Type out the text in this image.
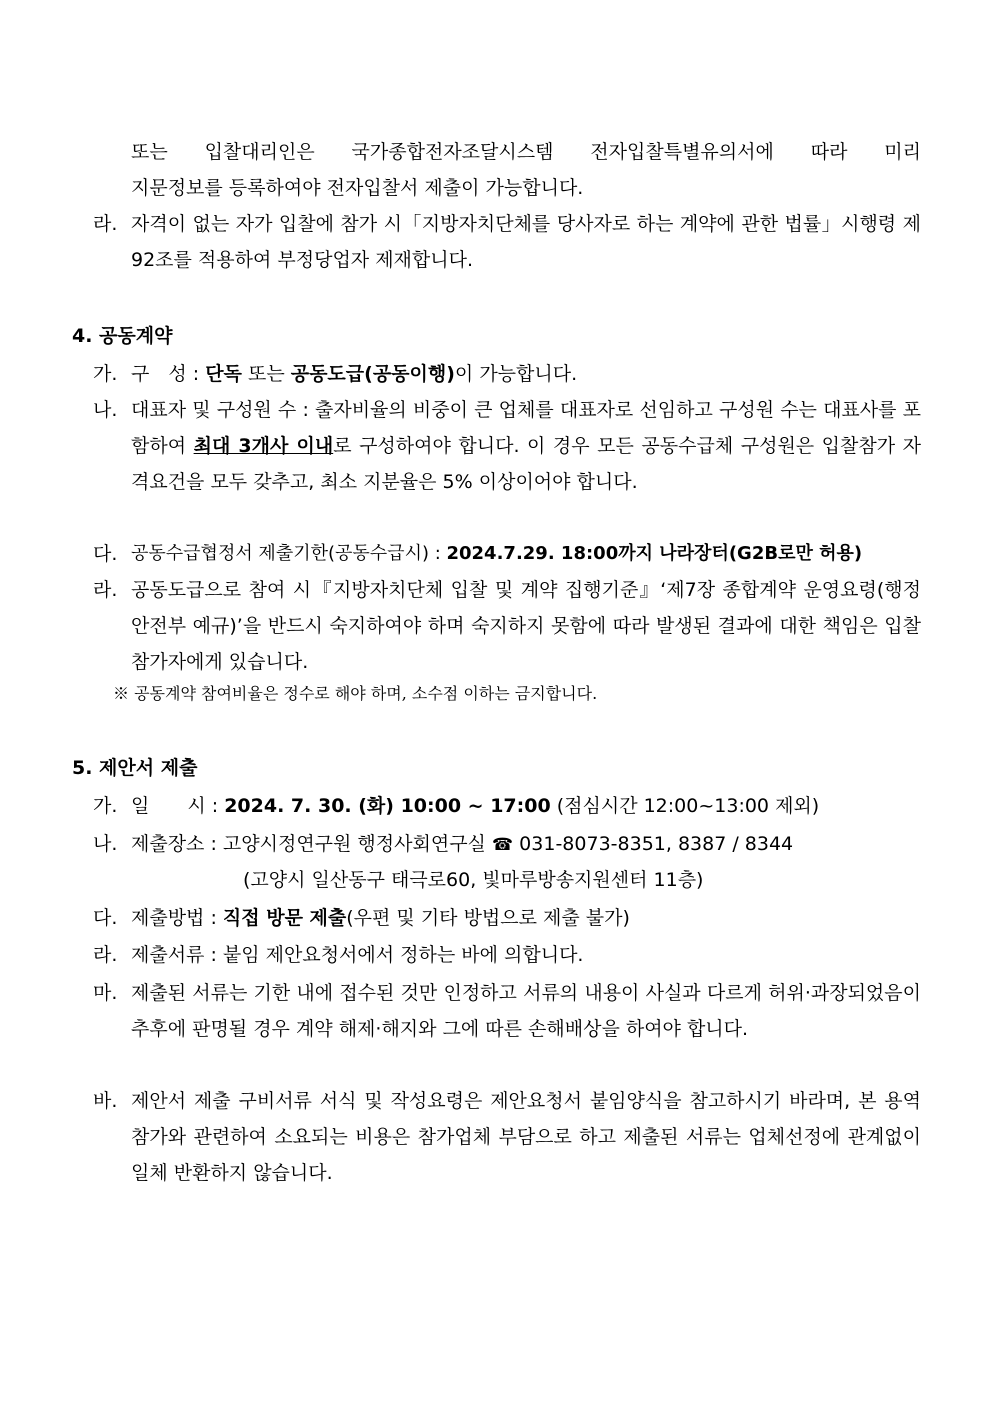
또는 입찰대리인은 국가종합전자조달시스템 전자입찰특별유의서에 따라 미리
지문정보를 등록하여야 전자입찰서 제출이 가능합니다.
라. 자격이 없는 자가 입찰에 참가 시「지방자치단체를 당사자로 하는 계약에 관한 법률」시행령 제92조를 적용하여 부정당업자 제재합니다.
4. 공동계약
가. 구　성 : 단독 또는 공동도급(공동이행)이 가능합니다.
나. 대표자 및 구성원 수 : 출자비율의 비중이 큰 업체를 대표자로 선임하고 구성원 수는 대표사를 포함하여 최대 3개사 이내로 구성하여야 합니다. 이 경우 모든 공동수급체 구성원은 입찰참가 자격요건을 모두 갖추고, 최소 지분율은 5% 이상이어야 합니다.
다. 공동수급협정서 제출기한(공동수급시) : 2024.7.29. 18:00까지 나라장터(G2B로만 허용)
라. 공동도급으로 참여 시『지방자치단체 입찰 및 계약 집행기준』‘제7장 종합계약 운영요령(행정안전부 예규)’을 반드시 숙지하여야 하며 숙지하지 못함에 따라 발생된 결과에 대한 책임은 입찰참가자에게 있습니다.
※ 공동계약 참여비율은 정수로 해야 하며, 소수점 이하는 금지합니다.
5. 제안서 제출
가. 일　　시 : 2024. 7. 30. (화) 10:00 ~ 17:00 (점심시간 12:00~13:00 제외)
나. 제출장소 : 고양시정연구원 행정사회연구실 ☎ 031-8073-8351, 8387 / 8344
(고양시 일산동구 태극로60, 빛마루방송지원센터 11층)
다. 제출방법 : 직접 방문 제출(우편 및 기타 방법으로 제출 불가)
라. 제출서류 : 붙임 제안요청서에서 정하는 바에 의합니다.
마. 제출된 서류는 기한 내에 접수된 것만 인정하고 서류의 내용이 사실과 다르게 허위·과장되었음이 추후에 판명될 경우 계약 해제·해지와 그에 따른 손해배상을 하여야 합니다.
바. 제안서 제출 구비서류 서식 및 작성요령은 제안요청서 붙임양식을 참고하시기 바라며, 본 용역 참가와 관련하여 소요되는 비용은 참가업체 부담으로 하고 제출된 서류는 업체선정에 관계없이 일체 반환하지 않습니다.
